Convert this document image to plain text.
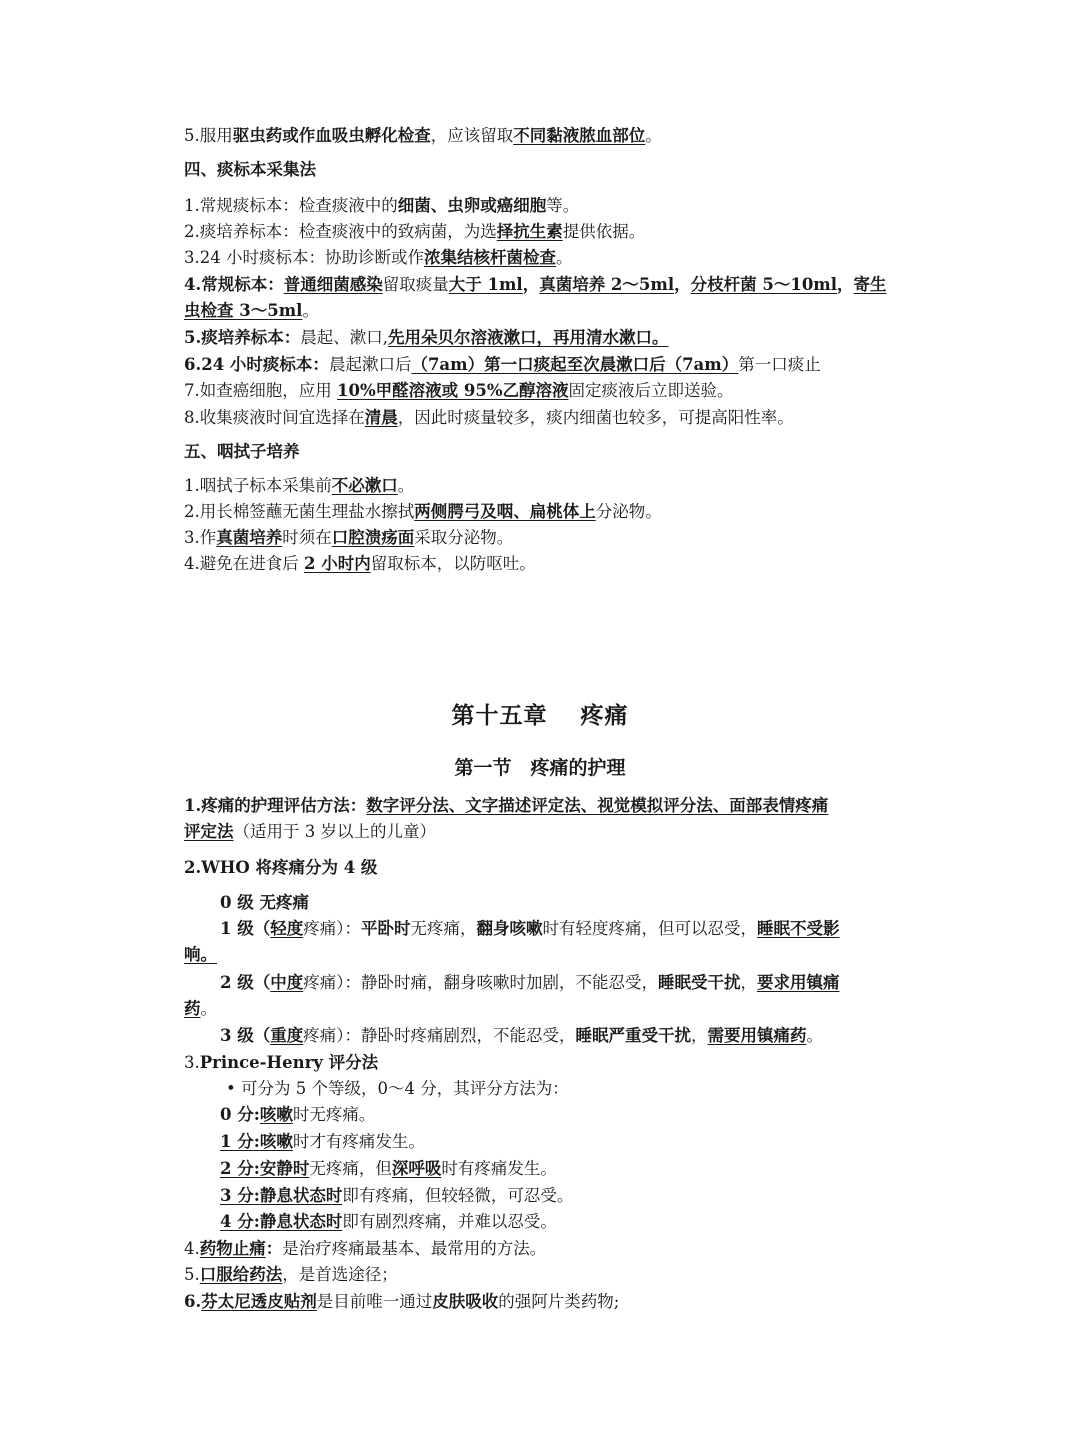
5.服用驱虫药或作血吸虫孵化检查，应该留取不同黏液脓血部位。
四、痰标本采集法
1.常规痰标本：检查痰液中的细菌、虫卵或癌细胞等。
2.痰培养标本：检查痰液中的致病菌，为选择抗生素提供依据。
3.24 小时痰标本：协助诊断或作浓集结核杆菌检查。
4.常规标本：普通细菌感染留取痰量大于 1ml，真菌培养 2～5ml，分枝杆菌 5～10ml，寄生
虫检查 3～5ml。
5.痰培养标本：晨起、漱口,先用朵贝尔溶液漱口，再用清水漱口。
6.24 小时痰标本：晨起漱口后（7am）第一口痰起至次晨漱口后（7am）第一口痰止
7.如查癌细胞，应用 10%甲醛溶液或 95%乙醇溶液固定痰液后立即送验。
8.收集痰液时间宜选择在清晨，因此时痰量较多，痰内细菌也较多，可提高阳性率。
五、咽拭子培养
1.咽拭子标本采集前不必漱口。
2.用长棉签蘸无菌生理盐水擦拭两侧腭弓及咽、扁桃体上分泌物。
3.作真菌培养时须在口腔溃疡面采取分泌物。
4.避免在进食后 2 小时内留取标本，以防呕吐。
第十五章　 疼痛
第一节　疼痛的护理
1.疼痛的护理评估方法：数字评分法、文字描述评定法、视觉模拟评分法、面部表情疼痛
评定法（适用于 3 岁以上的儿童）
2.WHO 将疼痛分为 4 级
0 级 无疼痛
1 级（轻度疼痛）：平卧时无疼痛，翻身咳嗽时有轻度疼痛，但可以忍受，睡眠不受影
响。
2 级（中度疼痛）：静卧时痛，翻身咳嗽时加剧，不能忍受，睡眠受干扰，要求用镇痛
药。
3 级（重度疼痛）：静卧时疼痛剧烈，不能忍受，睡眠严重受干扰，需要用镇痛药。
3.Prince-Henry 评分法
• 可分为 5 个等级，0～4 分，其评分方法为：
0 分:咳嗽时无疼痛。
1 分:咳嗽时才有疼痛发生。
2 分:安静时无疼痛，但深呼吸时有疼痛发生。
3 分:静息状态时即有疼痛，但较轻微，可忍受。
4 分:静息状态时即有剧烈疼痛，并难以忍受。
4.药物止痛：是治疗疼痛最基本、最常用的方法。
5.口服给药法，是首选途径；
6.芬太尼透皮贴剂是目前唯一通过皮肤吸收的强阿片类药物;
